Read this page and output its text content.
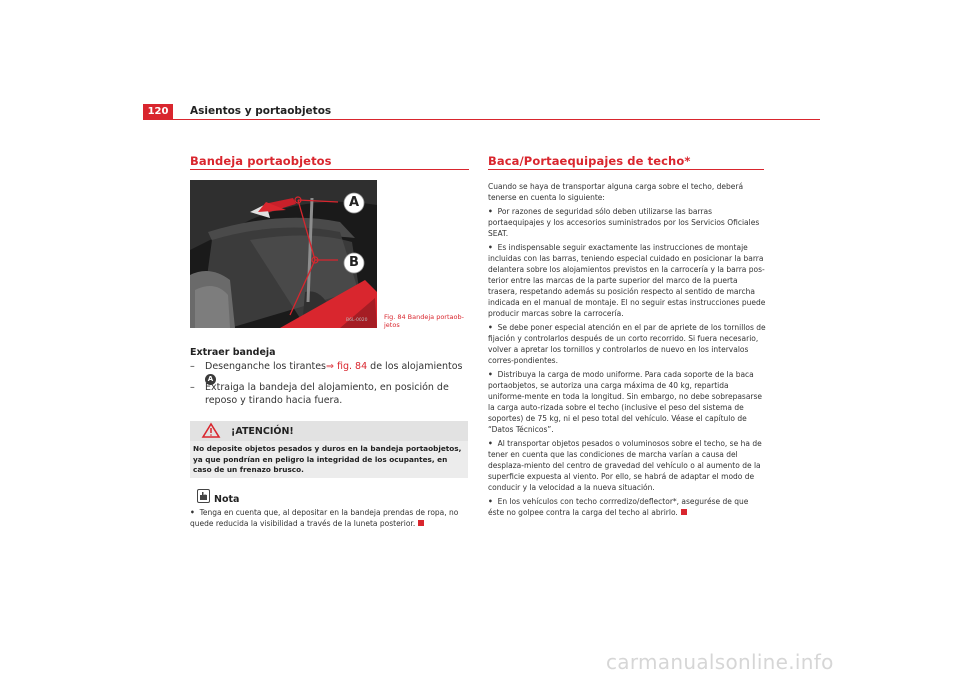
120	Asientos y portaobjetos
Bandeja portaobjetos
A
B
B6L-0020	Fig. 84 Bandeja portaob-jetos
Extraer bandeja
– Desenganche los tirantes⇒ fig. 84 de los alojamientos A
– Extraiga la bandeja del alojamiento, en posición de reposo y tirando hacia fuera.
¡ATENCIÓN!
No deposite objetos pesados y duros en la bandeja portaobjetos, ya que pondrían en peligro la integridad de los ocupantes, en caso de un frenazo brusco.
Nota
• Tenga en cuenta que, al depositar en la bandeja prendas de ropa, no quede reducida la visibilidad a través de la luneta posterior.
Baca/Portaequipajes de techo*

Cuando se haya de transportar alguna carga sobre el techo, deberá tenerse en cuenta lo siguiente:

• Por razones de seguridad sólo deben utilizarse las barras portaequipajes y los accesorios suministrados por los Servicios Oficiales SEAT.

• Es indispensable seguir exactamente las instrucciones de montaje incluidas con las barras, teniendo especial cuidado en posicionar la barra delantera sobre los alojamientos previstos en la carrocería y la barra pos-terior entre las marcas de la parte superior del marco de la puerta trasera, respetando además su posición respecto al sentido de marcha indicada en el manual de montaje. El no seguir estas instrucciones puede producir marcas sobre la carrocería.

• Se debe poner especial atención en el par de apriete de los tornillos de fijación y controlarlos después de un corto recorrido. Si fuera necesario, volver a apretar los tornillos y controlarlos de nuevo en los intervalos corres-pondientes.

• Distribuya la carga de modo uniforme. Para cada soporte de la baca portaobjetos, se autoriza una carga máxima de 40 kg, repartida uniforme-mente en toda la longitud. Sin embargo, no debe sobrepasarse la carga auto-rizada sobre el techo (inclusive el peso del sistema de soportes) de 75 kg, ni el peso total del vehículo. Véase el capítulo de “Datos Técnicos”.

• Al transportar objetos pesados o voluminosos sobre el techo, se ha de tener en cuenta que las condiciones de marcha varían a causa del desplaza-miento del centro de gravedad del vehículo o al aumento de la superficie expuesta al viento. Por ello, se habrá de adaptar el modo de conducir y la velocidad a la nueva situación.

• En los vehículos con techo corrredizo/deflector*, asegurése de que éste no golpee contra la carga del techo al abrirlo.

carmanualsonline.info
